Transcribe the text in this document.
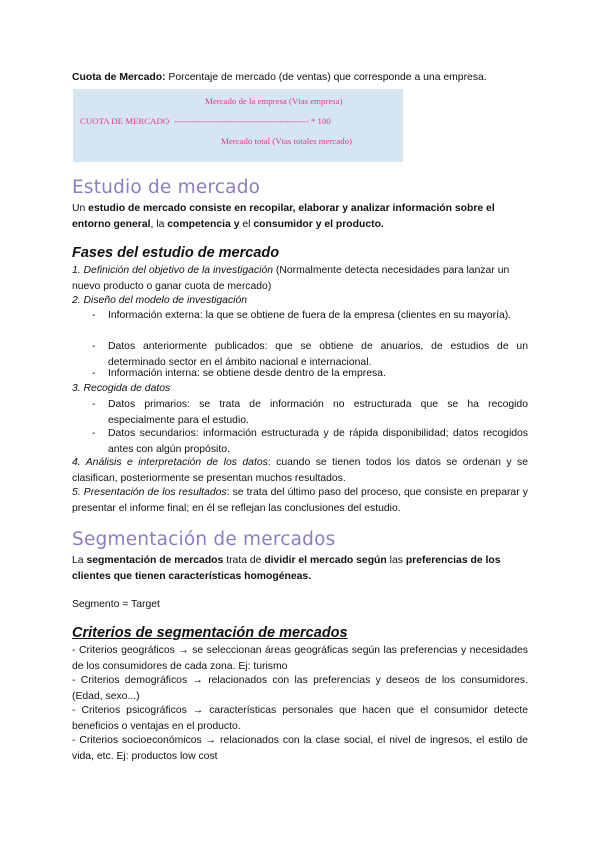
Cuota de Mercado: Porcentaje de mercado (de ventas) que corresponde a una empresa.

Mercado de la empresa (Vtas empresa)
CUOTA DE MERCADO ---------------------------------------------- * 100
Mercado total (Vtas totales mercado)
Estudio de mercado

Un estudio de mercado consiste en recopilar, elaborar y analizar información sobre el entorno general, la competencia y el consumidor y el producto.

Fases del estudio de mercado

1. Definición del objetivo de la investigación (Normalmente detecta necesidades para lanzar un nuevo producto o ganar cuota de mercado)

2. Diseño del modelo de investigación

- Información externa: la que se obtiene de fuera de la empresa (clientes en su mayoría).
- Datos anteriormente publicados: que se obtiene de anuarios, de estudios de un determinado sector en el ámbito nacional e internacional.
- Información interna: se obtiene desde dentro de la empresa.

3. Recogida de datos

- Datos primarios: se trata de información no estructurada que se ha recogido especialmente para el estudio.
- Datos secundarios: información estructurada y de rápida disponibilidad; datos recogidos antes con algún propósito.

4. Análisis e interpretación de los datos: cuando se tienen todos los datos se ordenan y se clasifican, posteriormente se presentan muchos resultados.

5. Presentación de los resultados: se trata del último paso del proceso, que consiste en preparar y presentar el informe final; en él se reflejan las conclusiones del estudio.

Segmentación de mercados

La segmentación de mercados trata de dividir el mercado según las preferencias de los clientes que tienen características homogéneas.

Segmento = Target

Criterios de segmentación de mercados

- Criterios geográficos → se seleccionan áreas geográficas según las preferencias y necesidades de los consumidores de cada zona. Ej: turismo

- Criterios demográficos → relacionados con las preferencias y deseos de los consumidores. (Edad, sexo...)

- Criterios psicográficos → características personales que hacen que el consumidor detecte beneficios o ventajas en el producto.

- Criterios socioeconómicos → relacionados con la clase social, el nivel de ingresos, el estilo de vida, etc. Ej: productos low cost
